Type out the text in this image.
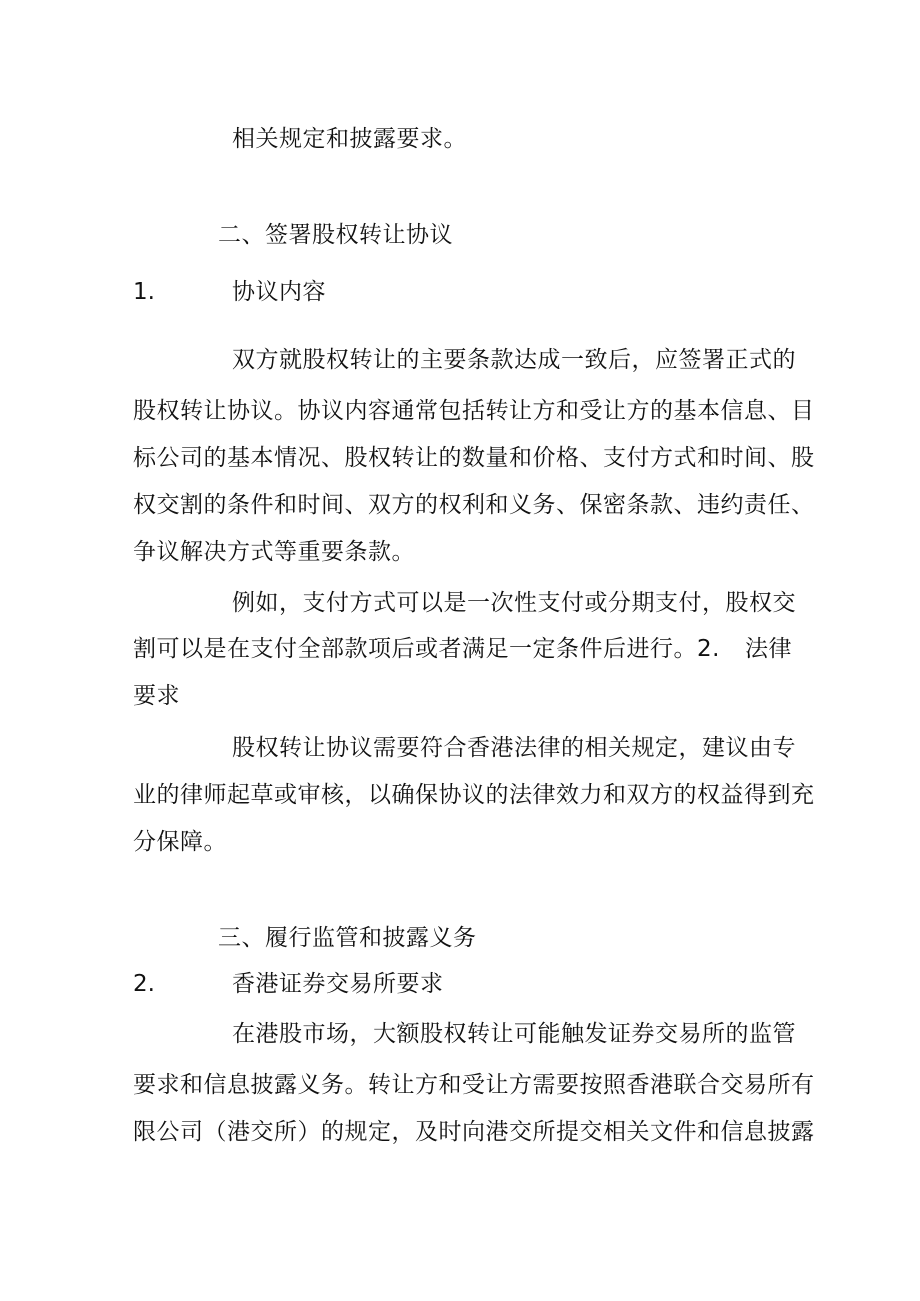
相关规定和披露要求。
二、签署股权转让协议
1.	协议内容
双方就股权转让的主要条款达成一致后，应签署正式的
股权转让协议。协议内容通常包括转让方和受让方的基本信息、目
标公司的基本情况、股权转让的数量和价格、支付方式和时间、股
权交割的条件和时间、双方的权利和义务、保密条款、违约责任、
争议解决方式等重要条款。
例如，支付方式可以是一次性支付或分期支付，股权交
割可以是在支付全部款项后或者满足一定条件后进行。2. 法律
要求
股权转让协议需要符合香港法律的相关规定，建议由专
业的律师起草或审核，以确保协议的法律效力和双方的权益得到充
分保障。
三、履行监管和披露义务
2.	香港证券交易所要求
在港股市场，大额股权转让可能触发证券交易所的监管
要求和信息披露义务。转让方和受让方需要按照香港联合交易所有
限公司（港交所）的规定，及时向港交所提交相关文件和信息披露
